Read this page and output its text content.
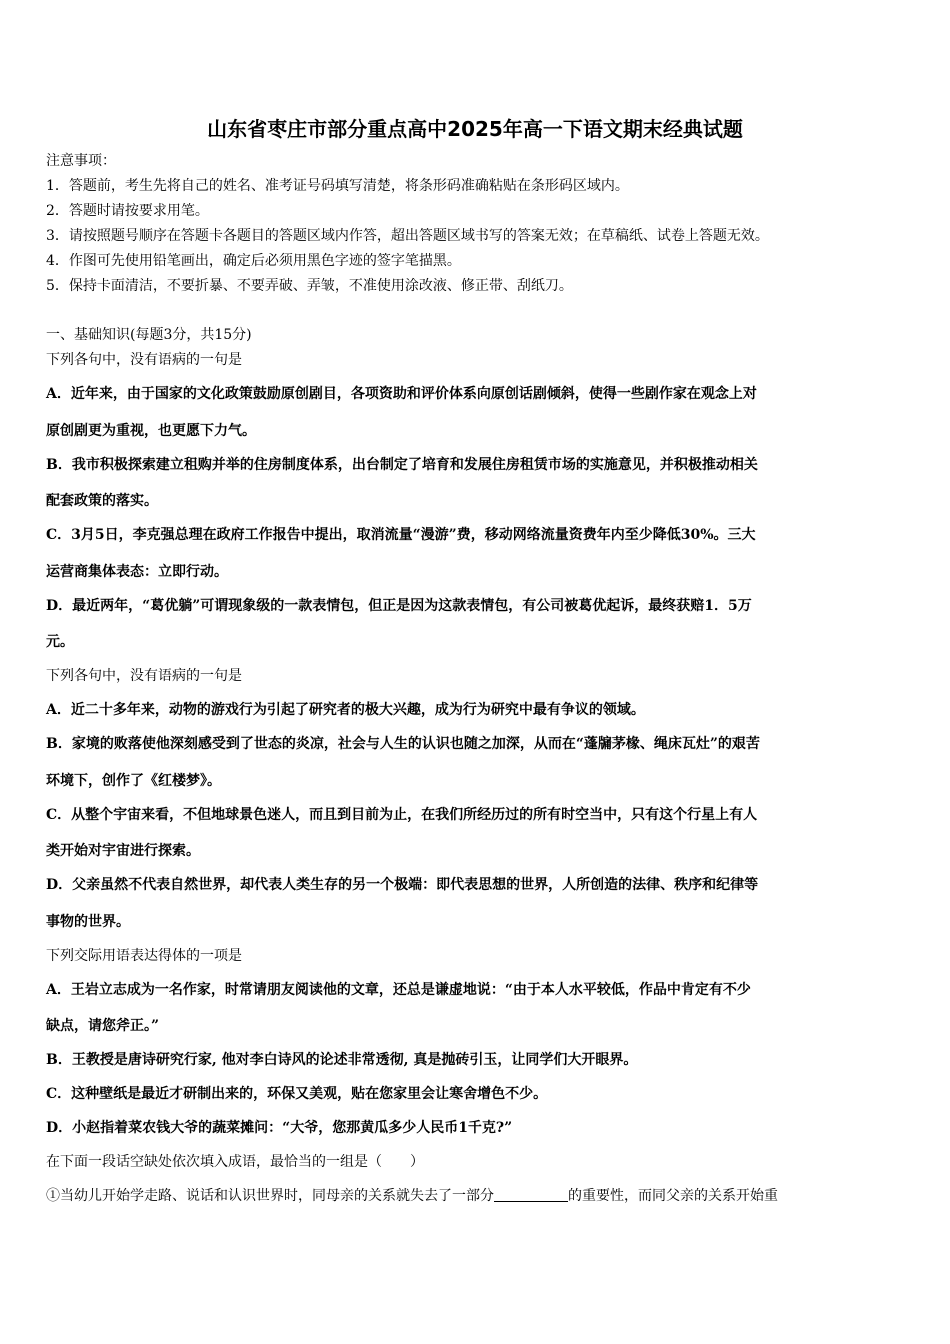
山东省枣庄市部分重点高中2025年高一下语文期末经典试题
注意事项：
1．答题前，考生先将自己的姓名、准考证号码填写清楚，将条形码准确粘贴在条形码区域内。
2．答题时请按要求用笔。
3．请按照题号顺序在答题卡各题目的答题区域内作答，超出答题区域书写的答案无效；在草稿纸、试卷上答题无效。
4．作图可先使用铅笔画出，确定后必须用黑色字迹的签字笔描黑。
5．保持卡面清洁，不要折暴、不要弄破、弄皱，不准使用涂改液、修正带、刮纸刀。
一、基础知识(每题3分，共15分)
下列各句中，没有语病的一句是
A．近年来，由于国家的文化政策鼓励原创剧目，各项资助和评价体系向原创话剧倾斜，使得一些剧作家在观念上对
原创剧更为重视，也更愿下力气。
B．我市积极探索建立租购并举的住房制度体系，出台制定了培育和发展住房租赁市场的实施意见，并积极推动相关
配套政策的落实。
C．3月5日，李克强总理在政府工作报告中提出，取消流量“漫游”费，移动网络流量资费年内至少降低30%。三大
运营商集体表态：立即行动。
D．最近两年，“葛优躺”可谓现象级的一款表情包，但正是因为这款表情包，有公司被葛优起诉，最终获赔1．5万
元。
下列各句中，没有语病的一句是
A．近二十多年来，动物的游戏行为引起了研究者的极大兴趣，成为行为研究中最有争议的领域。
B．家境的败落使他深刻感受到了世态的炎凉，社会与人生的认识也随之加深，从而在“蓬牖茅椽、绳床瓦灶”的艰苦
环境下，创作了《红楼梦》。
C．从整个宇宙来看，不但地球景色迷人，而且到目前为止，在我们所经历过的所有时空当中，只有这个行星上有人
类开始对宇宙进行探索。
D．父亲虽然不代表自然世界，却代表人类生存的另一个极端：即代表思想的世界，人所创造的法律、秩序和纪律等
事物的世界。
下列交际用语表达得体的一项是
A．王岩立志成为一名作家，时常请朋友阅读他的文章，还总是谦虚地说：“由于本人水平较低，作品中肯定有不少
缺点，请您斧正。”
B．王教授是唐诗研究行家, 他对李白诗风的论述非常透彻, 真是抛砖引玉，让同学们大开眼界。
C．这种壁纸是最近才研制出来的，环保又美观，贴在您家里会让寒舍增色不少。
D．小赵指着菜农钱大爷的蔬菜摊问：“大爷，您那黄瓜多少人民币1千克?”
在下面一段话空缺处依次填入成语，最恰当的一组是（　　）
①当幼儿开始学走路、说话和认识世界时，同母亲的关系就失去了一部分	的重要性，而同父亲的关系开始重
